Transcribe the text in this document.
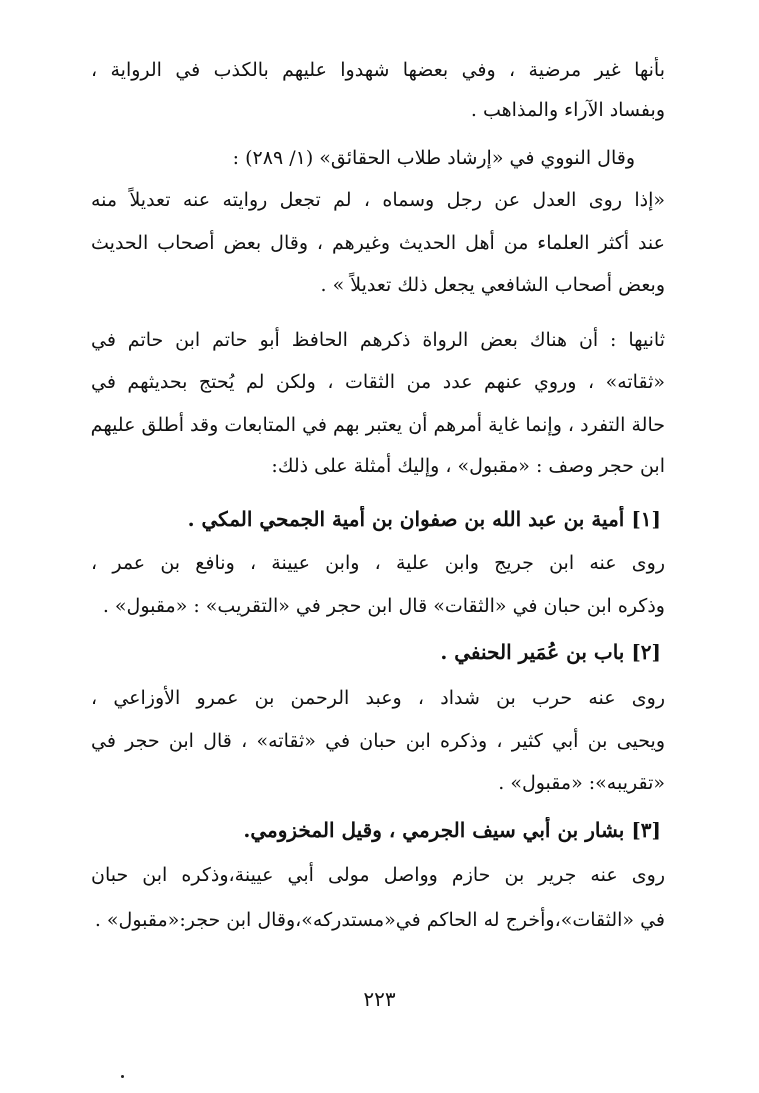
بأنها غير مرضية ، وفي بعضها شهدوا عليهم بالكذب في الرواية ،
وبفساد الآراء والمذاهب .
وقال النووي في «إرشاد طلاب الحقائق» (١/ ٢٨٩) :
«إذا روى العدل عن رجل وسماه ، لم تجعل روايته عنه تعديلاً منه
عند أكثر العلماء من أهل الحديث وغيرهم ، وقال بعض أصحاب الحديث
وبعض أصحاب الشافعي يجعل ذلك تعديلاً » .
ثانيها : أن هناك بعض الرواة ذكرهم الحافظ أبو حاتم ابن حاتم في
«ثقاته» ، وروي عنهم عدد من الثقات ، ولكن لم يُحتج بحديثهم في
حالة التفرد ، وإنما غاية أمرهم أن يعتبر بهم في المتابعات وقد أطلق عليهم
ابن حجر وصف : «مقبول» ، وإليك أمثلة على ذلك:
[١] أمية بن عبد الله بن صفوان بن أمية الجمحي المكي .
روى عنه ابن جريج وابن علية ، وابن عيينة ، ونافع بن عمر ،
وذكره ابن حبان في «الثقات» قال ابن حجر في «التقريب» : «مقبول» .
[٢] باب بن عُمَير الحنفي .
روى عنه حرب بن شداد ، وعبد الرحمن بن عمرو الأوزاعي ،
ويحيى بن أبي كثير ، وذكره ابن حبان في «ثقاته» ، قال ابن حجر في
«تقريبه»: «مقبول» .
[٣] بشار بن أبي سيف الجرمي ، وقيل المخزومي.
روى عنه جرير بن حازم وواصل مولى أبي عيينة،وذكره ابن حبان
في «الثقات»،وأخرج له الحاكم في«مستدركه»،وقال ابن حجر:«مقبول» .
٢٢٣
